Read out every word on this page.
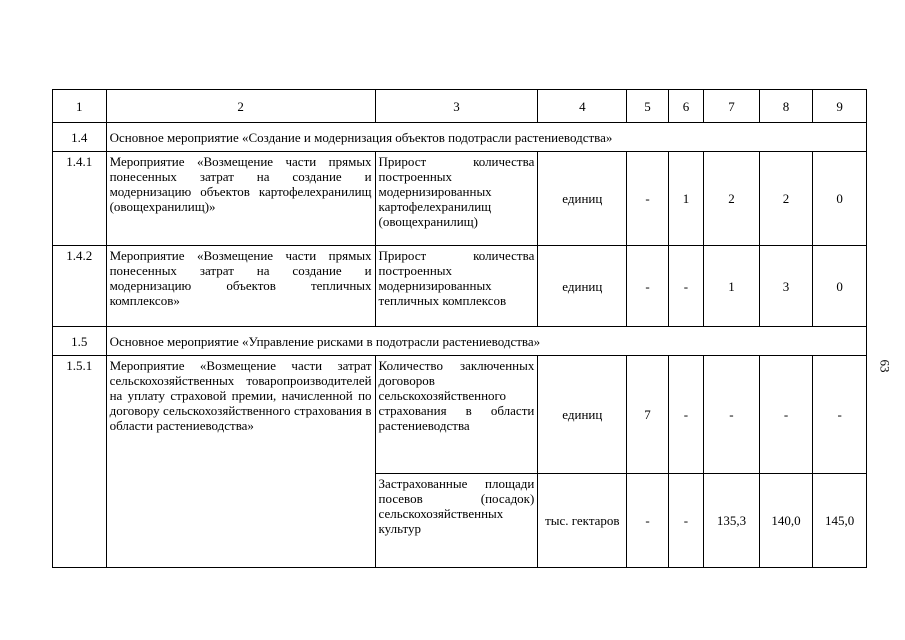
1	2	3	4	5	6	7	8	9
1.4	Основное мероприятие «Создание и модернизация объектов подотрасли растениеводства»							
1.4.1	Мероприятие «Возмещение части прямых понесенных затрат на создание и модернизацию объектов картофелехранилищ (овощехранилищ)»	Прирост количества построенных модернизированных картофелехранилищ (овощехранилищ)	единиц	-	1	2	2	0
1.4.2	Мероприятие «Возмещение части прямых понесенных затрат на создание и модернизацию объектов тепличных комплексов»	Прирост количества построенных модернизированных тепличных комплексов	единиц	-	-	1	3	0
1.5	Основное мероприятие «Управление рисками в подотрасли растениеводства»							
1.5.1	Мероприятие «Возмещение части затрат сельскохозяйственных товаропроизводителей на уплату страховой премии, начисленной по договору сельскохозяйственного страхования в области растениеводства»	Количество заключенных договоров сельскохозяйственного страхования в области растениеводства	единиц	7	-	-	-	-
		Застрахованные площади посевов (посадок) сельскохозяйственных культур	тыс. гектаров	-	-	135,3	140,0	145,0
63
